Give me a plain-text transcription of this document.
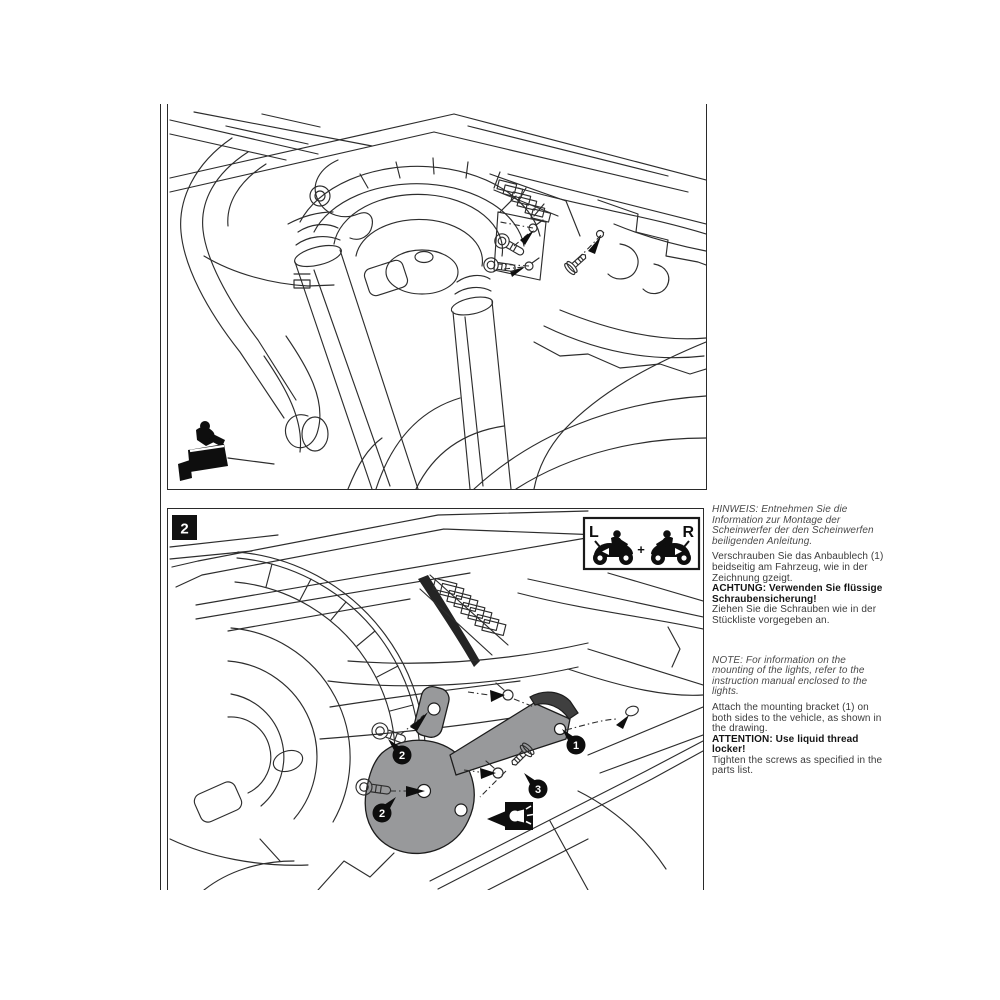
1
2
2
3
2	L	R
+

HINWEIS: Entnehmen Sie die Information zur Montage der Scheinwerfer der den Scheinwerfen beiligenden Anleitung.

Verschrauben Sie das Anbaublech (1) beidseitig am Fahrzeug, wie in der Zeichnung gzeigt.

ACHTUNG: Verwenden Sie flüssige Schraubensicherung!

Ziehen Sie die Schrauben wie in der Stückliste vorgegeben an.

NOTE: For information on the mounting of the lights, refer to the instruction manual enclosed to the lights.

Attach the mounting bracket (1) on both sides to the vehicle, as shown in the drawing.

ATTENTION: Use liquid thread locker!

Tighten the screws as specified in the parts list.
